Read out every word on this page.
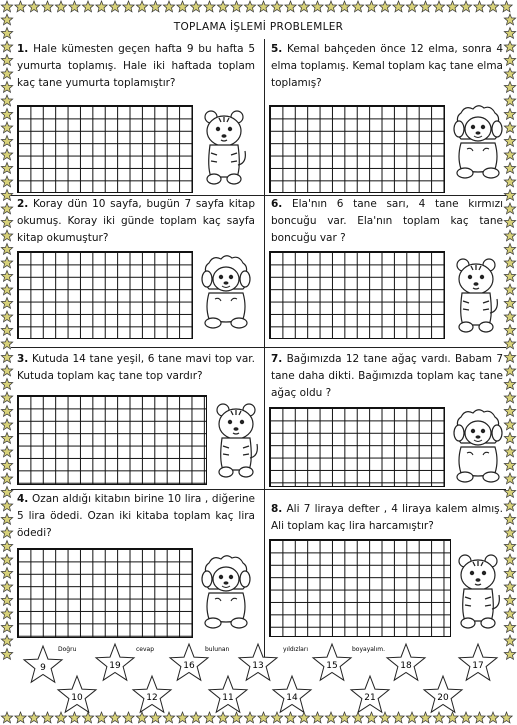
TOPLAMA İŞLEMİ PROBLEMLER
1. Hale kümesten geçen hafta 9 bu hafta 5 yumurta toplamış. Hale iki haftada toplam kaç tane yumurta toplamıştır?
2. Koray dün 10 sayfa, bugün 7 sayfa kitap okumuş. Koray iki günde toplam kaç sayfa kitap okumuştur?
3. Kutuda 14 tane yeşil, 6 tane mavi top var. Kutuda toplam kaç tane top vardır?
4. Ozan aldığı kitabın birine 10 lira , diğerine 5 lira ödedi. Ozan iki kitaba toplam kaç lira ödedi?
5. Kemal bahçeden önce 12 elma, sonra 4 elma toplamış. Kemal toplam kaç tane elma toplamış?
6. Ela'nın 6 tane sarı, 4 tane kırmızı boncuğu var. Ela'nın toplam kaç tane boncuğu var ?
7. Bağımızda 12 tane ağaç vardı. Babam 7 tane daha dikti. Bağımızda toplam kaç tane ağaç oldu ?
8. Ali 7 liraya defter , 4 liraya kalem almış. Ali toplam kaç lira harcamıştır?
Doğru	cevap	bulunan	yıldızları	boyayalım.
9
10
19
12
16
11
13
14
15
21
18
20
17
